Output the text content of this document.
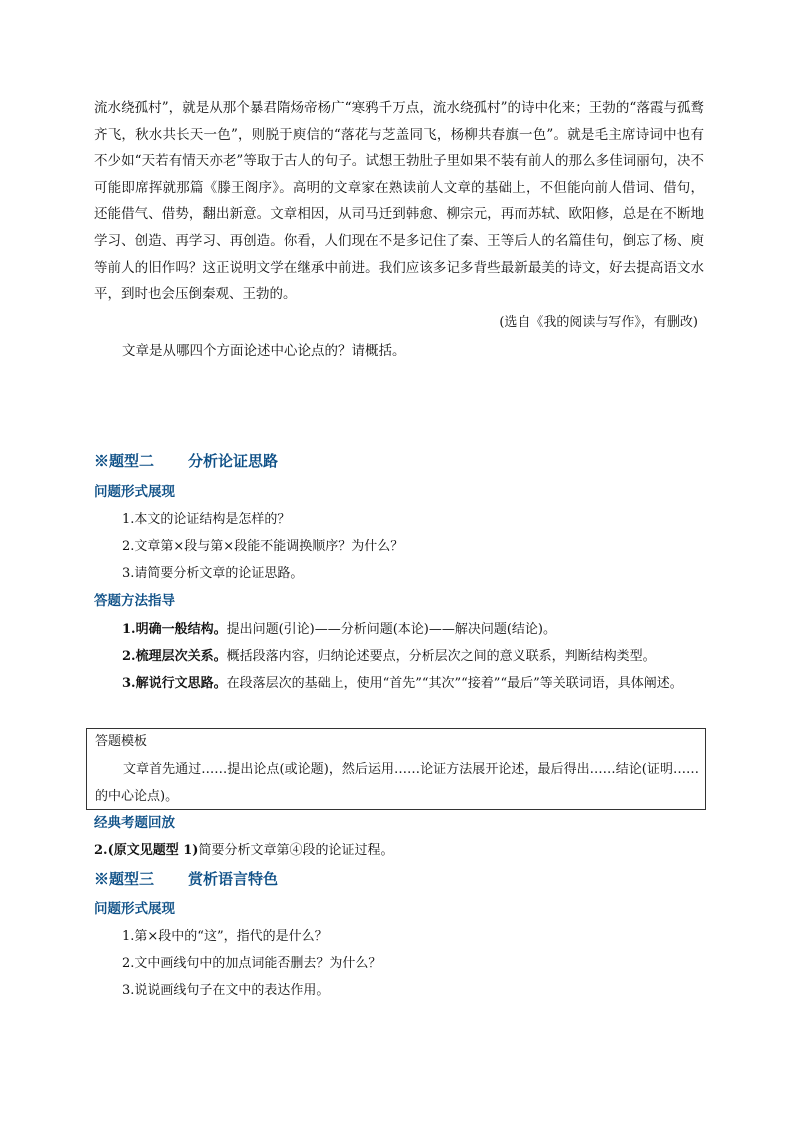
流水绕孤村”，就是从那个暴君隋炀帝杨广“寒鸦千万点，流水绕孤村”的诗中化来；王勃的“落霞与孤鹜齐飞，秋水共长天一色”，则脱于庾信的“落花与芝盖同飞，杨柳共春旗一色”。就是毛主席诗词中也有不少如“天若有情天亦老”等取于古人的句子。试想王勃肚子里如果不装有前人的那么多佳词丽句，决不可能即席挥就那篇《滕王阁序》。高明的文章家在熟读前人文章的基础上，不但能向前人借词、借句，还能借气、借势，翻出新意。文章相因，从司马迁到韩愈、柳宗元，再而苏轼、欧阳修，总是在不断地学习、创造、再学习、再创造。你看，人们现在不是多记住了秦、王等后人的名篇佳句，倒忘了杨、庾等前人的旧作吗？这正说明文学在继承中前进。我们应该多记多背些最新最美的诗文，好去提高语文水平，到时也会压倒秦观、王勃的。
(选自《我的阅读与写作》，有删改)
文章是从哪四个方面论述中心论点的？请概括。
※题型二 分析论证思路
问题形式展现
1.本文的论证结构是怎样的？
2.文章第×段与第×段能不能调换顺序？为什么？
3.请简要分析文章的论证思路。
答题方法指导
1.明确一般结构。提出问题(引论)——分析问题(本论)——解决问题(结论)。
2.梳理层次关系。概括段落内容，归纳论述要点，分析层次之间的意义联系，判断结构类型。
3.解说行文思路。在段落层次的基础上，使用“首先”“其次”“接着”“最后”等关联词语，具体阐述。
答题模板
文章首先通过……提出论点(或论题)，然后运用……论证方法展开论述，最后得出……结论(证明……的中心论点)。
经典考题回放
2.(原文见题型 1)简要分析文章第④段的论证过程。
※题型三 赏析语言特色
问题形式展现
1.第×段中的“这”，指代的是什么？
2.文中画线句中的加点词能否删去？为什么？
3.说说画线句子在文中的表达作用。
